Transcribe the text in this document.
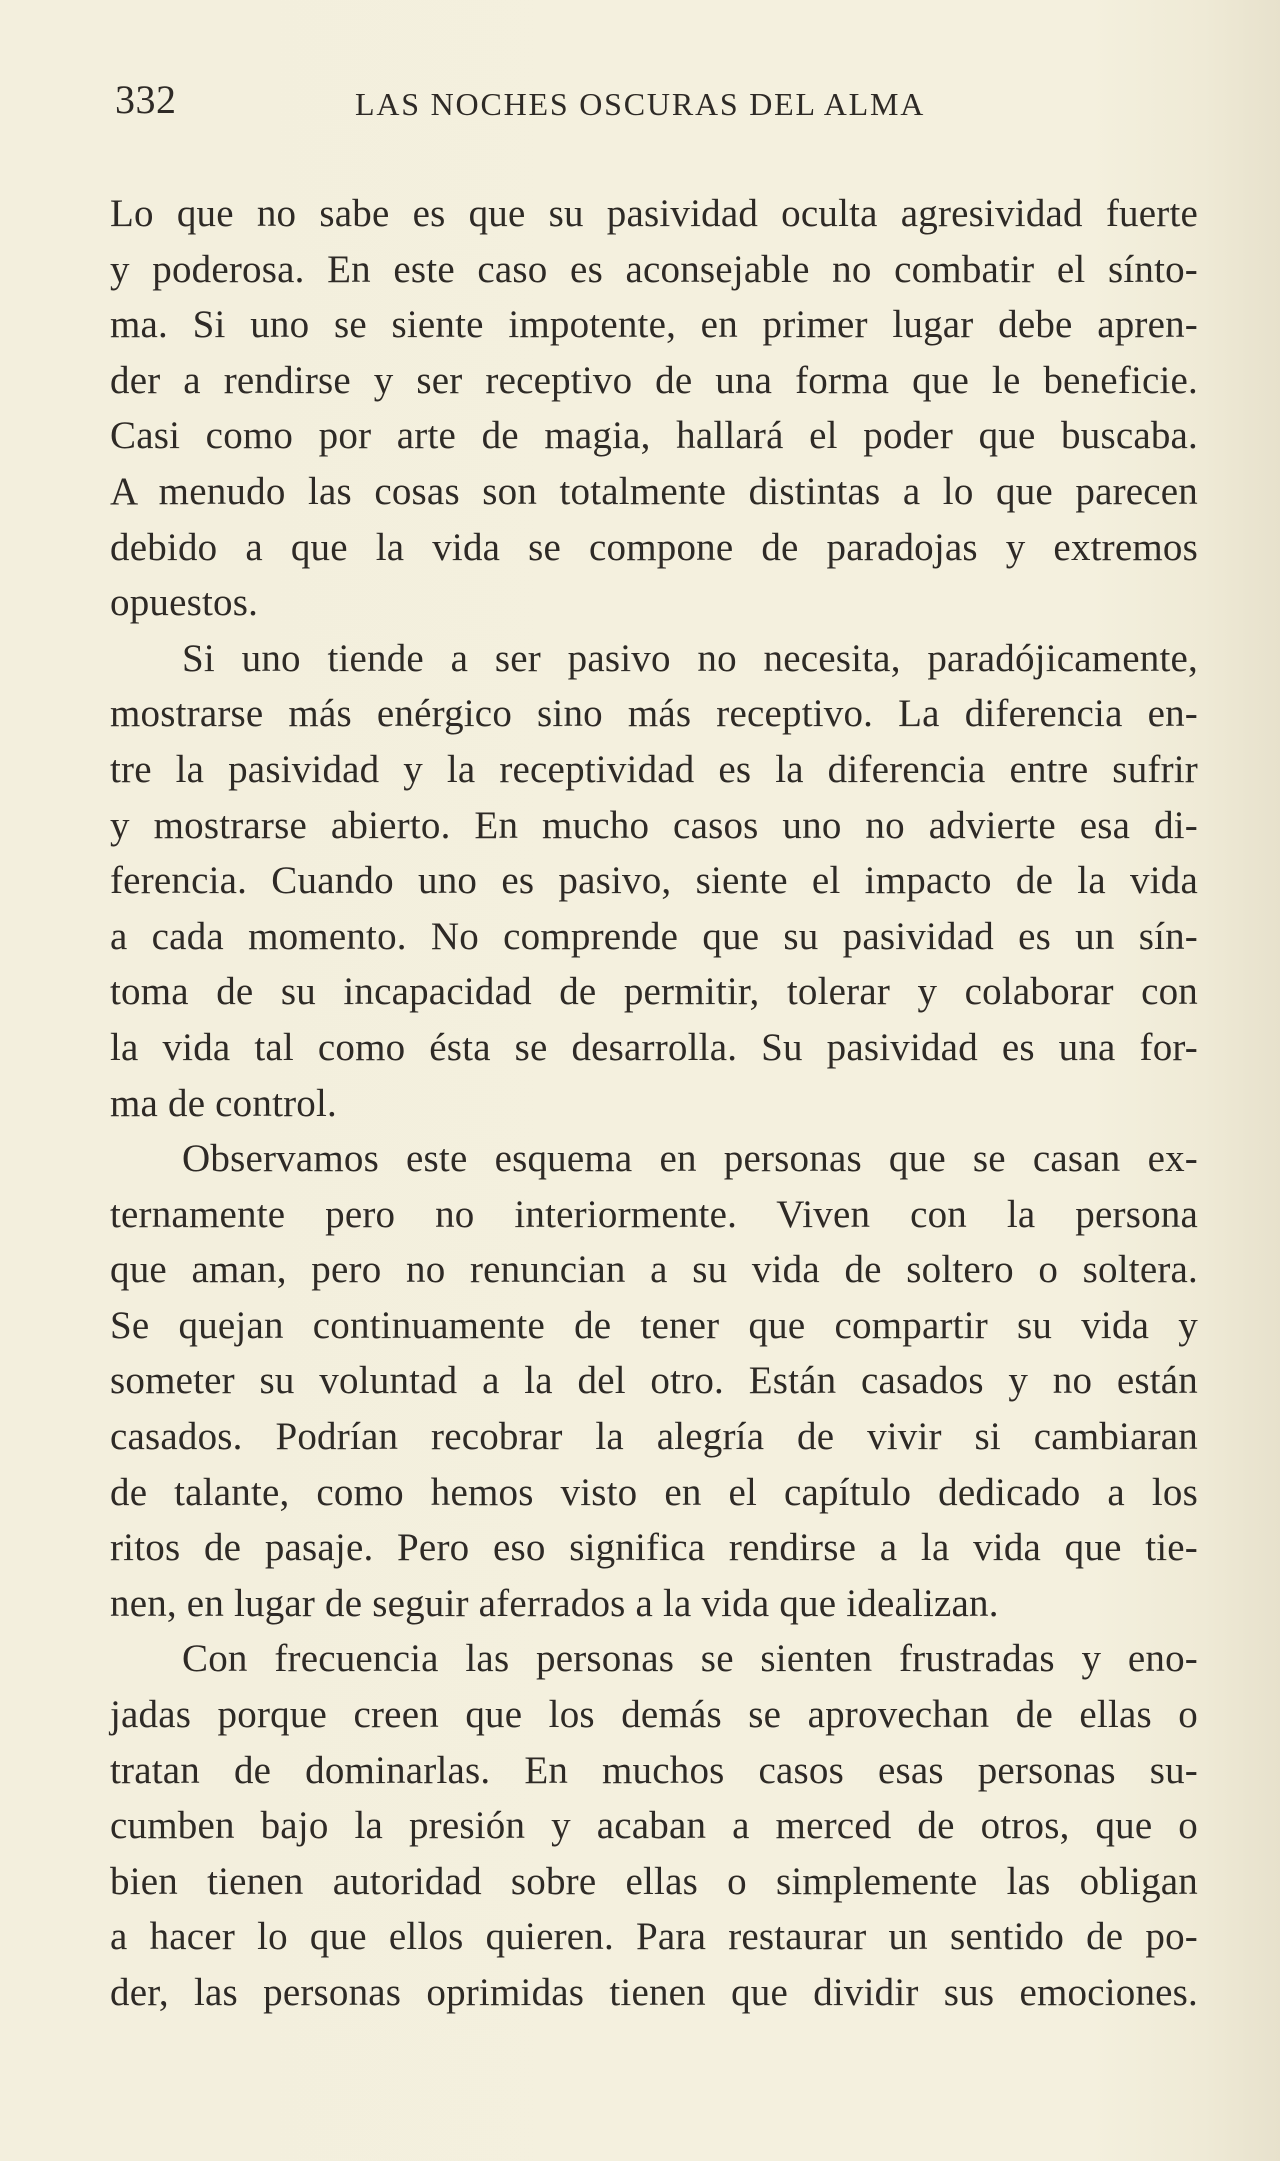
332	LAS NOCHES OSCURAS DEL ALMA
Lo que no sabe es que su pasividad oculta agresividad fuerte
y poderosa. En este caso es aconsejable no combatir el sínto-
ma. Si uno se siente impotente, en primer lugar debe apren-
der a rendirse y ser receptivo de una forma que le beneficie.
Casi como por arte de magia, hallará el poder que buscaba.
A menudo las cosas son totalmente distintas a lo que parecen
debido a que la vida se compone de paradojas y extremos
opuestos.
Si uno tiende a ser pasivo no necesita, paradójicamente,
mostrarse más enérgico sino más receptivo. La diferencia en-
tre la pasividad y la receptividad es la diferencia entre sufrir
y mostrarse abierto. En mucho casos uno no advierte esa di-
ferencia. Cuando uno es pasivo, siente el impacto de la vida
a cada momento. No comprende que su pasividad es un sín-
toma de su incapacidad de permitir, tolerar y colaborar con
la vida tal como ésta se desarrolla. Su pasividad es una for-
ma de control.
Observamos este esquema en personas que se casan ex-
ternamente pero no interiormente. Viven con la persona
que aman, pero no renuncian a su vida de soltero o soltera.
Se quejan continuamente de tener que compartir su vida y
someter su voluntad a la del otro. Están casados y no están
casados. Podrían recobrar la alegría de vivir si cambiaran
de talante, como hemos visto en el capítulo dedicado a los
ritos de pasaje. Pero eso significa rendirse a la vida que tie-
nen, en lugar de seguir aferrados a la vida que idealizan.
Con frecuencia las personas se sienten frustradas y eno-
jadas porque creen que los demás se aprovechan de ellas o
tratan de dominarlas. En muchos casos esas personas su-
cumben bajo la presión y acaban a merced de otros, que o
bien tienen autoridad sobre ellas o simplemente las obligan
a hacer lo que ellos quieren. Para restaurar un sentido de po-
der, las personas oprimidas tienen que dividir sus emociones.
